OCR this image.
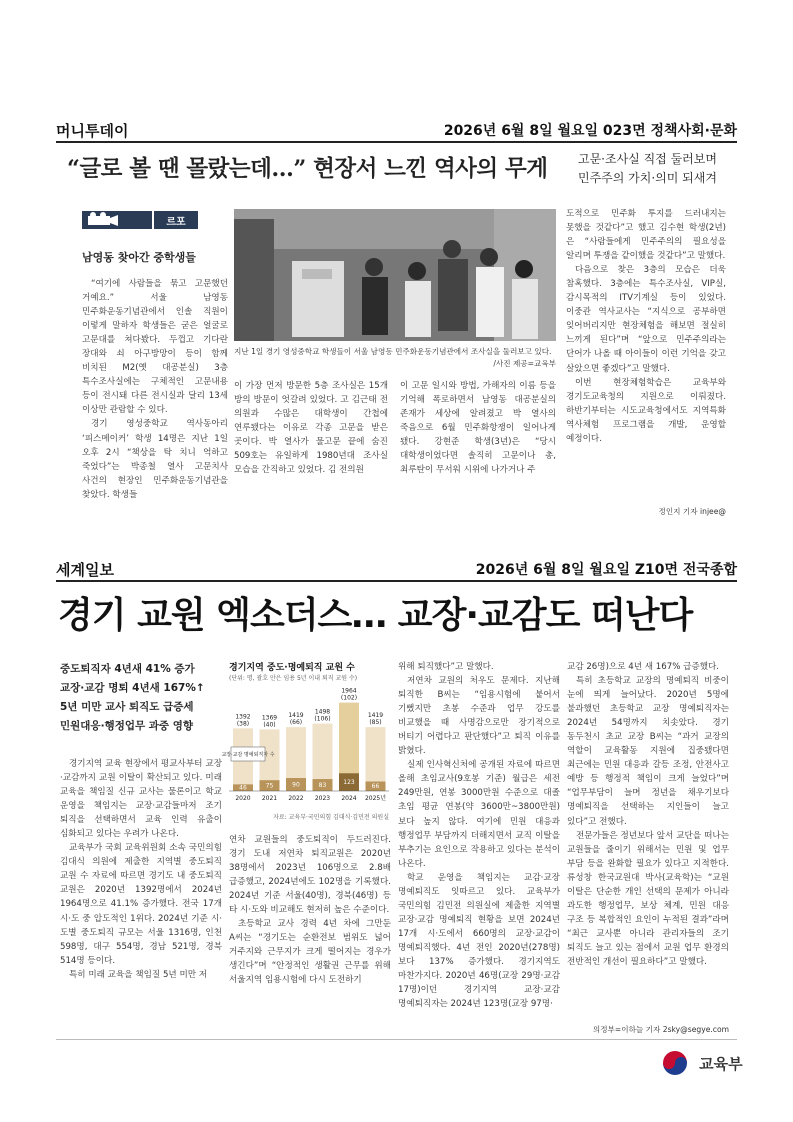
머니투데이	2026년 6월 8일 월요일 023면 정책사회·문화
“글로 볼 땐 몰랐는데…” 현장서 느낀 역사의 무게	고문·조사실 직접 둘러보며
민주주의 가치·의미 되새겨
르포
남영동 찾아간 중학생들

“여기에 사람들을 묶고 고문했던 거예요.” 서울 남영동 민주화운동기념관에서 인솔 직원이 이렇게 말하자 학생들은 굳은 얼굴로 고문대를 쳐다봤다. 두껍고 기다란 장대와 쇠 아구방망이 등이 함께 비치된 M2(옛 대공분실) 3층 특수조사실에는 구체적인 고문내용 등이 전시돼 다른 전시실과 달리 13세 이상만 관람할 수 있다.

경기 영성중학교 역사동아리 ‘피스메이커’ 학생 14명은 지난 1일 오후 2시 “책상을 탁 치니 억하고 죽었다”는 박종철 열사 고문치사 사건의 현장인 민주화운동기념관을 찾았다. 학생들

지난 1일 경기 영성중학교 학생들이 서울 남영동 민주화운동기념관에서 조사실을 둘러보고 있다.
/사진 제공=교육부

이 가장 먼저 방문한 5층 조사실은 15개 방의 방문이 엇갈려 있었다. 고 김근태 전 의원과 수많은 대학생이 간첩에 연루됐다는 이유로 각종 고문을 받은 곳이다. 박 열사가 물고문 끝에 숨진 509호는 유일하게 1980년대 조사실 모습을 간직하고 있었다. 김 전의원

이 고문 일시와 방법, 가해자의 이름 등을 기억해 폭로하면서 남영동 대공분실의 존재가 세상에 알려졌고 박 열사의 죽음으로 6월 민주화항쟁이 일어나게 됐다. 강현준 학생(3년)은 “당시 대학생이었다면 솔직히 고문이나 총, 최루탄이 무서워 시위에 나가거나 주

도적으로 민주화 투지를 드러내지는 못했을 것같다”고 했고 김수현 학생(2년)은 “사람들에게 민주주의의 필요성을 알리며 투쟁을 같이했을 것같다”고 말했다.

다음으로 찾은 3층의 모습은 더욱 참혹했다. 3층에는 특수조사실, VIP실, 감시목적의 ITV기계실 등이 있었다. 이중관 역사교사는 “지식으로 공부하면 잊어버리지만 현장체험을 해보면 절실히 느끼게 된다”며 “앞으로 민주주의라는 단어가 나올 때 아이들이 이런 기억을 갖고 살았으면 좋겠다”고 말했다.

이번 현장체험학습은 교육부와 경기도교육청의 지원으로 이뤄졌다. 하반기부터는 시도교육청에서도 지역특화 역사체험 프로그램을 개발, 운영할 예정이다.

정인지 기자 injee@
세계일보	2026년 6월 8일 월요일 Z10면 전국종합
경기 교원 엑소더스… 교장·교감도 떠난다
중도퇴직자 4년새 41% 증가
교장·교감 명퇴 4년새 167%↑
5년 미만 교사 퇴직도 급증세
민원대응·행정업무 과중 영향

경기지역 교육 현장에서 평교사부터 교장·교감까지 교원 이탈이 확산되고 있다. 미래 교육을 책임질 신규 교사는 물론이고 학교 운영을 책임지는 교장·교감들마저 조기 퇴직을 선택하면서 교육 인력 유출이 심화되고 있다는 우려가 나온다.

교육부가 국회 교육위원회 소속 국민의힘 김대식 의원에 제출한 지역별 중도퇴직 교원 수 자료에 따르면 경기도 내 중도퇴직 교원은 2020년 1392명에서 2024년 1964명으로 41.1% 증가했다. 전국 17개 시·도 중 압도적인 1위다. 2024년 기준 시·도별 중도퇴직 규모는 서울 1316명, 인천 598명, 대구 554명, 경남 521명, 경북 514명 등이다.

특히 미래 교육을 책임질 5년 미만 저

경기지역 중도·명예퇴직 교원 수
(단위: 명, 괄호 안은 임용 5년 이내 퇴직 교원 수)
1392
(38)
46
2020
1369
(40)
75
2021
1419
(66)
90
2022
1498
(106)
83
2023
1964
(102)
123
2024
1419
(85)
66
2025년
교장·교감 명예퇴직자 수
자료: 교육부·국민의힘 김대식·김민전 의원실

연차 교원들의 중도퇴직이 두드러진다. 경기 도내 저연차 퇴직교원은 2020년 38명에서 2023년 106명으로 2.8배 급증했고, 2024년에도 102명을 기록했다. 2024년 기준 서울(40명), 경북(46명) 등 타 시·도와 비교해도 현저히 높은 수준이다.

초등학교 교사 경력 4년 차에 그만둔 A씨는 “경기도는 순환전보 범위도 넓어 거주지와 근무지가 크게 떨어지는 경우가 생긴다”며 “안정적인 생활권 근무를 위해 서울지역 임용시험에 다시 도전하기

위해 퇴직했다”고 말했다.

저연차 교원의 처우도 문제다. 지난해 퇴직한 B씨는 “임용시험에 붙어서 기뻤지만 초봉 수준과 업무 강도를 비교했을 때 사명감으로만 장기적으로 버티기 어렵다고 판단했다”고 퇴직 이유를 밝혔다.

실제 인사혁신처에 공개된 자료에 따르면 올해 초임교사(9호봉 기준) 월급은 세전 249만원, 연봉 3000만원 수준으로 대졸 초임 평균 연봉(약 3600만~3800만원)보다 높지 않다. 여기에 민원 대응과 행정업무 부담까지 더해지면서 교직 이탈을 부추기는 요인으로 작용하고 있다는 분석이 나온다.

학교 운영을 책임지는 교감·교장 명예퇴직도 잇따르고 있다. 교육부가 국민의힘 김민전 의원실에 제출한 지역별 교장·교감 명예퇴직 현황을 보면 2024년 17개 시·도에서 660명의 교장·교감이 명예퇴직했다. 4년 전인 2020년(278명)보다 137% 증가했다. 경기지역도 마찬가지다. 2020년 46명(교장 29명·교감 17명)이던 경기지역 교장·교감 명예퇴직자는 2024년 123명(교장 97명·

교감 26명)으로 4년 새 167% 급증했다.

특히 초등학교 교장의 명예퇴직 비중이 눈에 띄게 늘어났다. 2020년 5명에 불과했던 초등학교 교장 명예퇴직자는 2024년 54명까지 치솟았다. 경기 동두천시 초교 교장 B씨는 “과거 교장의 역할이 교육활동 지원에 집중됐다면 최근에는 민원 대응과 갈등 조정, 안전사고 예방 등 행정적 책임이 크게 늘었다”며 “업무부담이 늘며 정년을 채우기보다 명예퇴직을 선택하는 지인들이 늘고 있다”고 전했다.

전문가들은 정년보다 앞서 교단을 떠나는 교원들을 줄이기 위해서는 민원 및 업무 부담 등을 완화할 필요가 있다고 지적한다. 류성창 한국교원대 박사(교육학)는 “교원 이탈은 단순한 개인 선택의 문제가 아니라 과도한 행정업무, 보상 체계, 민원 대응 구조 등 복합적인 요인이 누적된 결과”라며 “최근 교사뿐 아니라 관리자들의 조기 퇴직도 늘고 있는 점에서 교원 업무 환경의 전반적인 개선이 필요하다”고 말했다.

의정부=이하늘 기자 2sky@segye.com
교육부
